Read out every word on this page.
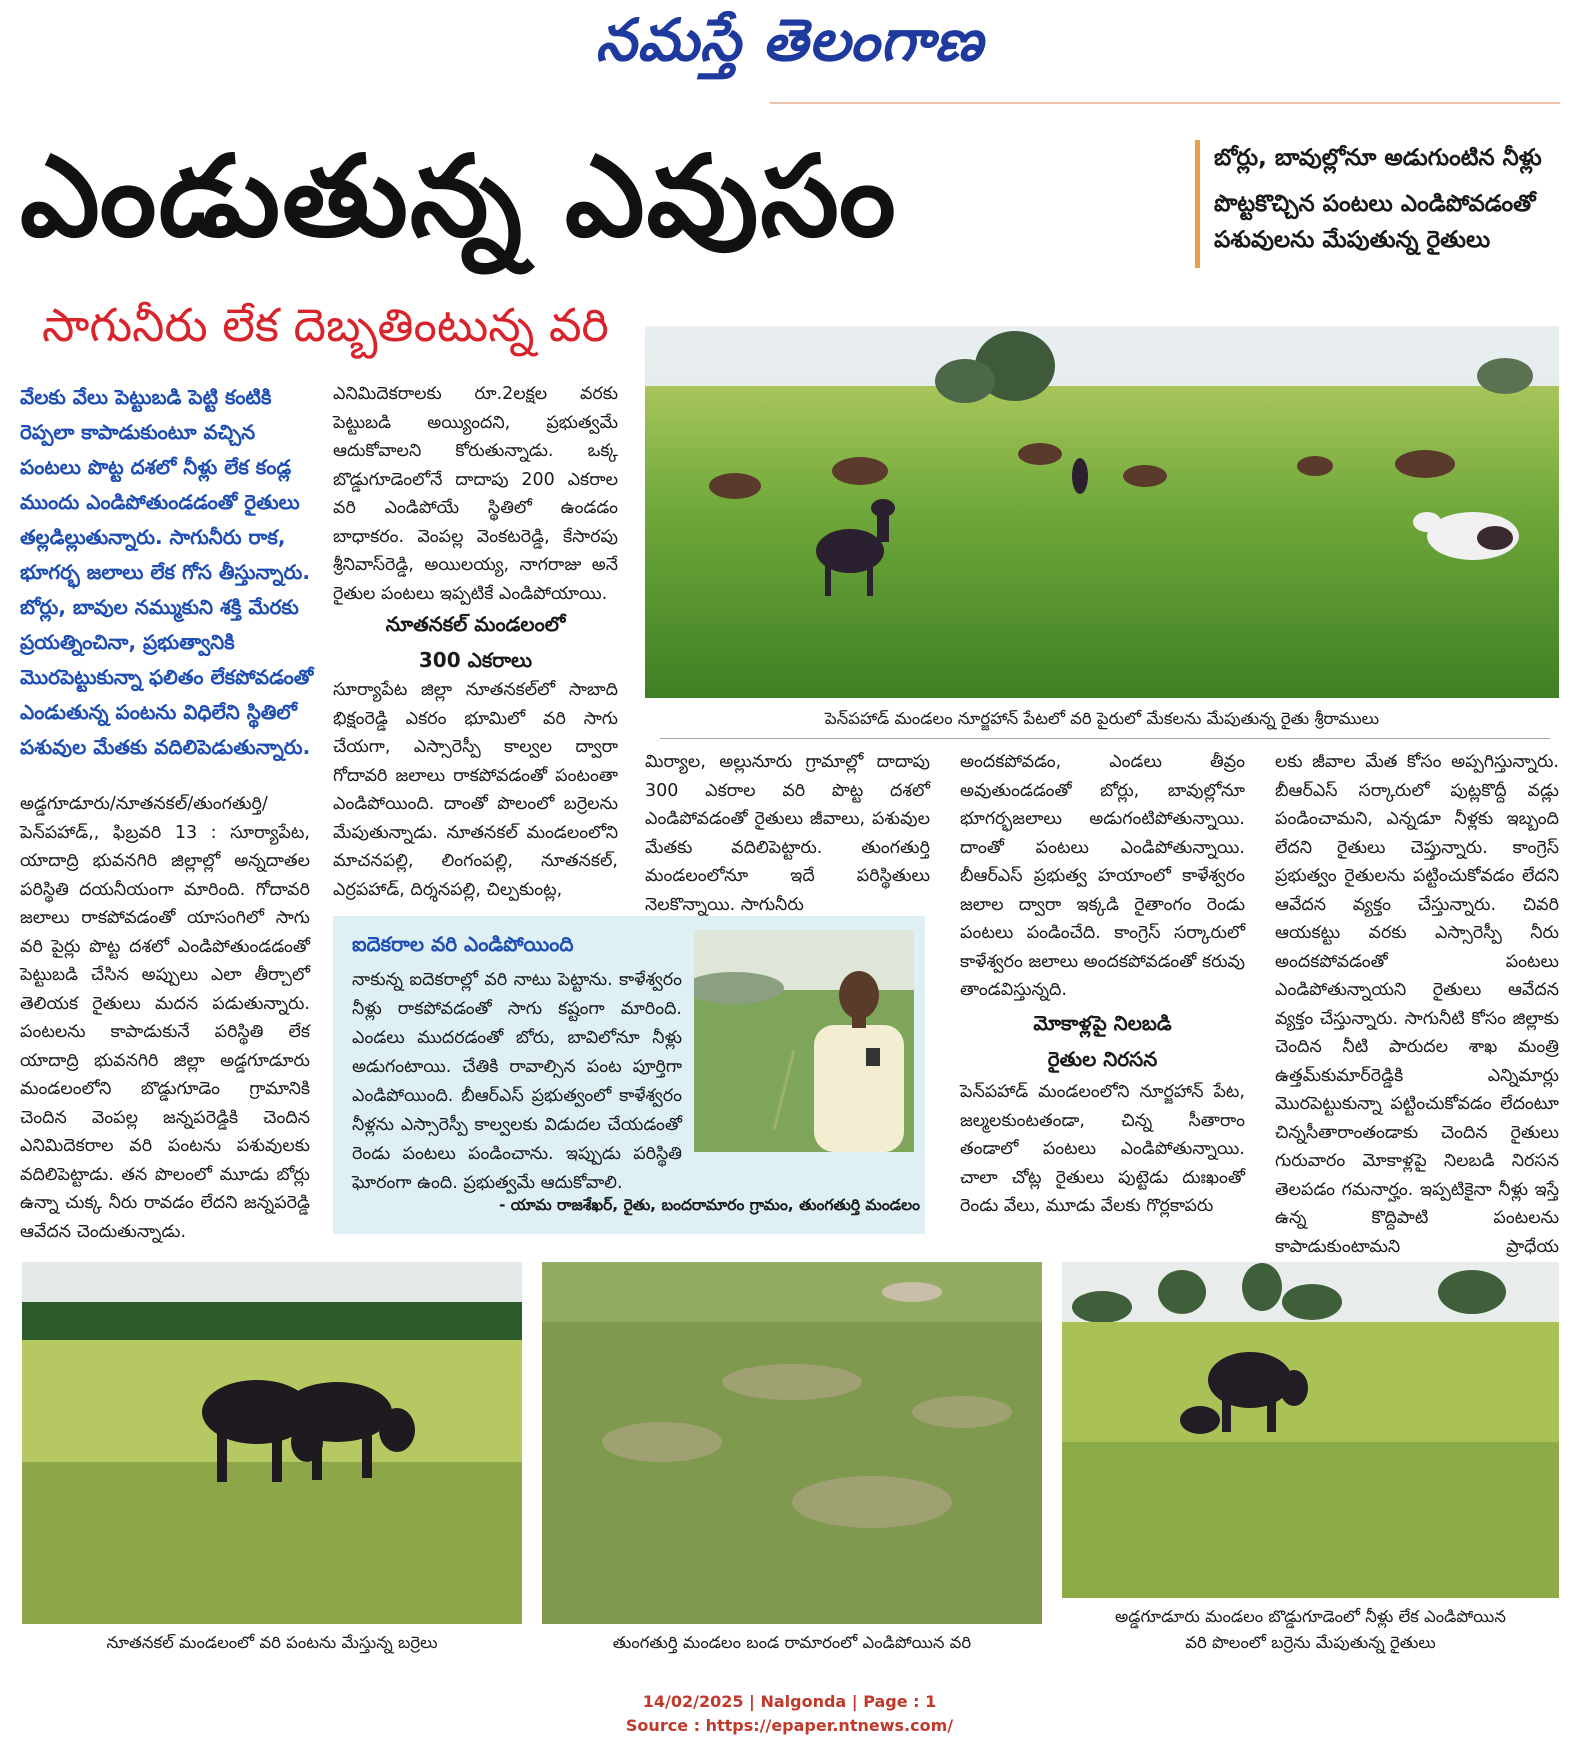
నమస్తే తెలంగాణ
ఎండుతున్న ఎవుసం	బోర్లు, బావుల్లోనూ అడుగుంటిన నీళ్లు

పొట్టకొచ్చిన పంటలు ఎండిపోవడంతో పశువులను మేపుతున్న రైతులు

సాగునీరు లేక దెబ్బతింటున్న వరి
వేలకు వేలు పెట్టుబడి పెట్టి కంటికి రెప్పలా కాపాడుకుంటూ వచ్చిన పంటలు పొట్ట దశలో నీళ్లు లేక కండ్ల ముందు ఎండిపోతుండడంతో రైతులు తల్లడిల్లుతున్నారు. సాగునీరు రాక, భూగర్భ జలాలు లేక గోస తీస్తున్నారు. బోర్లు, బావుల నమ్ముకుని శక్తి మేరకు ప్రయత్నించినా, ప్రభుత్వానికి మొరపెట్టుకున్నా ఫలితం లేకపోవడంతో ఎండుతున్న పంటను విధిలేని స్థితిలో పశువుల మేతకు వదిలిపెడుతున్నారు.
అడ్డగూడూరు/నూతనకల్/తుంగతుర్తి/పెన్‌పహాడ్,, ఫిబ్రవరి 13 : సూర్యాపేట, యాదాద్రి భువనగిరి జిల్లాల్లో అన్నదాతల పరిస్థితి దయనీయంగా మారింది. గోదావరి జలాలు రాకపోవడంతో యాసంగిలో సాగు వరి పైర్లు పొట్ట దశలో ఎండిపోతుండడంతో పెట్టుబడి చేసిన అప్పులు ఎలా తీర్చాలో తెలియక రైతులు మదన పడుతున్నారు. పంటలను కాపాడుకునే పరిస్థితి లేక యాదాద్రి భువనగిరి జిల్లా అడ్డగూడూరు మండలంలోని బొడ్డుగూడెం గ్రామానికి చెందిన వెంపల్ల జన్నపరెడ్డికి చెందిన ఎనిమిదెకరాల వరి పంటను పశువులకు వదిలిపెట్టాడు. తన పొలంలో మూడు బోర్లు ఉన్నా చుక్క నీరు రావడం లేదని జన్నపరెడ్డి ఆవేదన చెందుతున్నాడు.
ఎనిమిదెకరాలకు రూ.2లక్షల వరకు పెట్టుబడి అయ్యిందని, ప్రభుత్వమే ఆదుకోవాలని కోరుతున్నాడు. ఒక్క బొడ్డుగూడెంలోనే దాదాపు 200 ఎకరాల వరి ఎండిపోయే స్థితిలో ఉండడం బాధాకరం. వెంపల్ల వెంకటరెడ్డి, కేసారపు శ్రీనివాస్‌రెడ్డి, అయిలయ్య, నాగరాజు అనే రైతుల పంటలు ఇప్పటికే ఎండిపోయాయి.
నూతనకల్ మండలంలో
300 ఎకరాలు
సూర్యాపేట జిల్లా నూతనకల్‌లో సాబాది భిక్షంరెడ్డి ఎకరం భూమిలో వరి సాగు చేయగా, ఎస్సారెస్పీ కాల్వల ద్వారా గోదావరి జలాలు రాకపోవడంతో పంటంతా ఎండిపోయింది. దాంతో పొలంలో బర్రెలను మేపుతున్నాడు. నూతనకల్ మండలంలోని మాచనపల్లి, లింగంపల్లి, నూతనకల్, ఎర్రపహాడ్, దిర్శనపల్లి, చిల్పకుంట్ల,
పెన్‌పహాడ్ మండలం నూర్జహాన్ పేటలో వరి పైరులో మేకలను మేపుతున్న రైతు శ్రీరాములు
మిర్యాల, అల్లునూరు గ్రామాల్లో దాదాపు 300 ఎకరాల వరి పొట్ట దశలో ఎండిపోవడంతో రైతులు జీవాలు, పశువుల మేతకు వదిలిపెట్టారు. తుంగతుర్తి మండలంలోనూ ఇదే పరిస్థితులు నెలకొన్నాయి. సాగునీరు
అందకపోవడం, ఎండలు తీవ్రం అవుతుండడంతో బోర్లు, బావుల్లోనూ భూగర్భజలాలు అడుగంటిపోతున్నాయి. దాంతో పంటలు ఎండిపోతున్నాయి. బీఆర్‌ఎస్ ప్రభుత్వ హయాంలో కాళేశ్వరం జలాల ద్వారా ఇక్కడి రైతాంగం రెండు పంటలు పండించేది. కాంగ్రెస్ సర్కారులో కాళేశ్వరం జలాలు అందకపోవడంతో కరువు తాండవిస్తున్నది.
మోకాళ్లపై నిలబడి
రైతుల నిరసన
పెన్‌పహాడ్ మండలంలోని నూర్జహాన్ పేట, జల్మలకుంటతండా, చిన్న సీతారాం తండాలో పంటలు ఎండిపోతున్నాయి. చాలా చోట్ల రైతులు పుట్టెడు దుఃఖంతో రెండు వేలు, మూడు వేలకు గొర్లకాపరు
లకు జీవాల మేత కోసం అప్పగిస్తున్నారు. బీఆర్‌ఎస్ సర్కారులో పుట్లకొద్దీ వడ్లు పండించామని, ఎన్నడూ నీళ్లకు ఇబ్బంది లేదని రైతులు చెప్తున్నారు. కాంగ్రెస్ ప్రభుత్వం రైతులను పట్టించుకోవడం లేదని ఆవేదన వ్యక్తం చేస్తున్నారు. చివరి ఆయకట్టు వరకు ఎస్సారెస్పీ నీరు అందకపోవడంతో పంటలు ఎండిపోతున్నాయని రైతులు ఆవేదన వ్యక్తం చేస్తున్నారు. సాగునీటి కోసం జిల్లాకు చెందిన నీటి పారుదల శాఖ మంత్రి ఉత్తమ్‌కుమార్‌రెడ్డికి ఎన్నిమార్లు మొరపెట్టుకున్నా పట్టించుకోవడం లేదంటూ చిన్నసీతారాంతండాకు చెందిన రైతులు గురువారం మోకాళ్లపై నిలబడి నిరసన తెలపడం గమనార్హం. ఇప్పటికైనా నీళ్లు ఇస్తే ఉన్న కొద్దిపాటి పంటలను కాపాడుకుంటామని ప్రాధేయ
ఐదెకరాల వరి ఎండిపోయింది
నాకున్న ఐదెకరాల్లో వరి నాటు పెట్టాను. కాళేశ్వరం నీళ్లు రాకపోవడంతో సాగు కష్టంగా మారింది. ఎండలు ముదరడంతో బోరు, బావిలోనూ నీళ్లు అడుగంటాయి. చేతికి రావాల్సిన పంట పూర్తిగా ఎండిపోయింది. బీఆర్‌ఎస్ ప్రభుత్వంలో కాళేశ్వరం నీళ్లను ఎస్సారెస్పీ కాల్వలకు విడుదల చేయడంతో రెండు పంటలు పండించాను. ఇప్పుడు పరిస్థితి ఘోరంగా ఉంది. ప్రభుత్వమే ఆదుకోవాలి.
- యామ రాజశేఖర్, రైతు, బందరామారం గ్రామం, తుంగతుర్తి మండలం
నూతనకల్ మండలంలో వరి పంటను మేస్తున్న బర్రెలు	తుంగతుర్తి మండలం బండ రామారంలో ఎండిపోయిన వరి
అడ్డగూడూరు మండలం బొడ్డుగూడెంలో నీళ్లు లేక ఎండిపోయిన
వరి పొలంలో బర్రెను మేపుతున్న రైతులు
14/02/2025 | Nalgonda | Page : 1
Source : https://epaper.ntnews.com/
